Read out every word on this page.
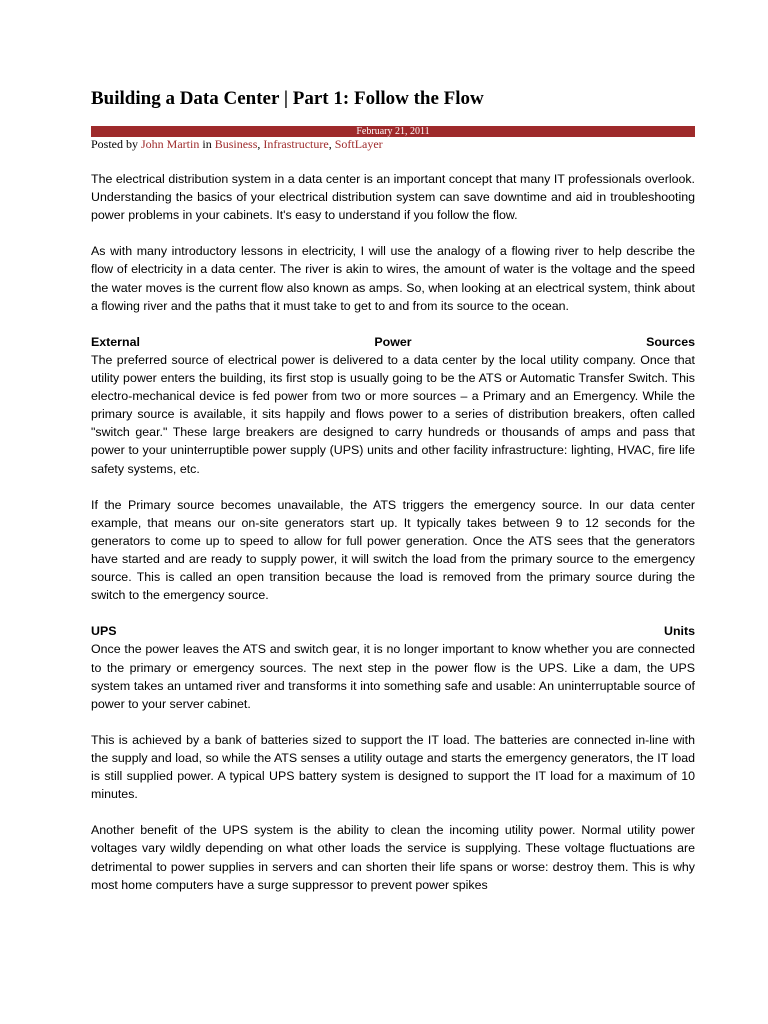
Building a Data Center | Part 1: Follow the Flow
February 21, 2011
Posted by John Martin in Business, Infrastructure, SoftLayer

The electrical distribution system in a data center is an important concept that many IT professionals overlook. Understanding the basics of your electrical distribution system can save downtime and aid in troubleshooting power problems in your cabinets. It's easy to understand if you follow the flow.

As with many introductory lessons in electricity, I will use the analogy of a flowing river to help describe the flow of electricity in a data center. The river is akin to wires, the amount of water is the voltage and the speed the water moves is the current flow also known as amps. So, when looking at an electrical system, think about a flowing river and the paths that it must take to get to and from its source to the ocean.

External	Power	Sources

The preferred source of electrical power is delivered to a data center by the local utility company. Once that utility power enters the building, its first stop is usually going to be the ATS or Automatic Transfer Switch. This electro-mechanical device is fed power from two or more sources – a Primary and an Emergency. While the primary source is available, it sits happily and flows power to a series of distribution breakers, often called "switch gear." These large breakers are designed to carry hundreds or thousands of amps and pass that power to your uninterruptible power supply (UPS) units and other facility infrastructure: lighting, HVAC, fire life safety systems, etc.

If the Primary source becomes unavailable, the ATS triggers the emergency source. In our data center example, that means our on-site generators start up. It typically takes between 9 to 12 seconds for the generators to come up to speed to allow for full power generation. Once the ATS sees that the generators have started and are ready to supply power, it will switch the load from the primary source to the emergency source. This is called an open transition because the load is removed from the primary source during the switch to the emergency source.

UPS	Units

Once the power leaves the ATS and switch gear, it is no longer important to know whether you are connected to the primary or emergency sources. The next step in the power flow is the UPS. Like a dam, the UPS system takes an untamed river and transforms it into something safe and usable: An uninterruptable source of power to your server cabinet.

This is achieved by a bank of batteries sized to support the IT load. The batteries are connected in-line with the supply and load, so while the ATS senses a utility outage and starts the emergency generators, the IT load is still supplied power. A typical UPS battery system is designed to support the IT load for a maximum of 10 minutes.

Another benefit of the UPS system is the ability to clean the incoming utility power. Normal utility power voltages vary wildly depending on what other loads the service is supplying. These voltage fluctuations are detrimental to power supplies in servers and can shorten their life spans or worse: destroy them. This is why most home computers have a surge suppressor to prevent power spikes
